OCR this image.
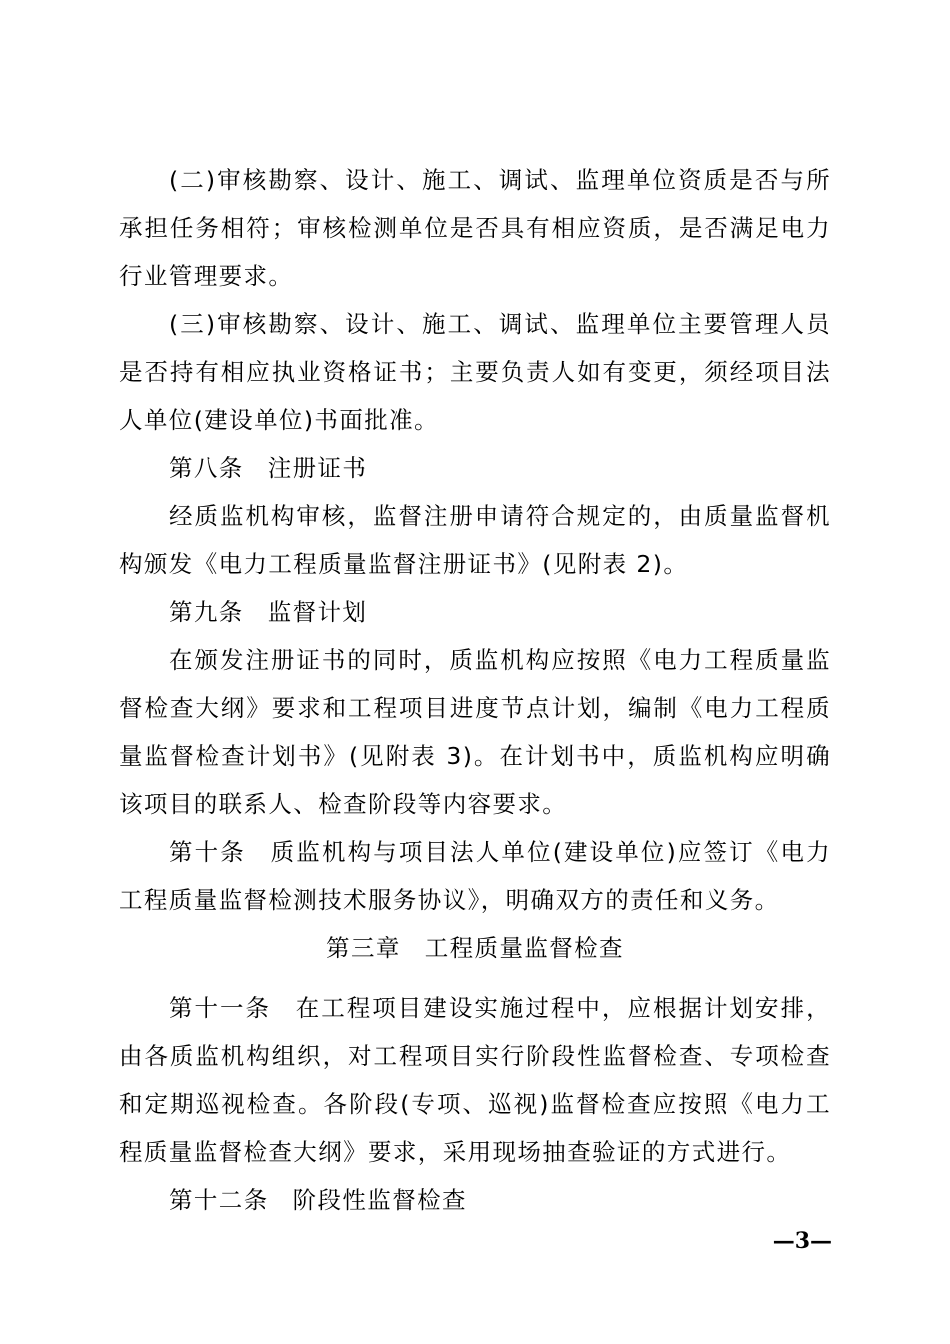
(二)审核勘察、设计、施工、调试、监理单位资质是否与所承担任务相符；审核检测单位是否具有相应资质，是否满足电力行业管理要求。

(三)审核勘察、设计、施工、调试、监理单位主要管理人员是否持有相应执业资格证书；主要负责人如有变更，须经项目法人单位(建设单位)书面批准。

第八条 注册证书

经质监机构审核，监督注册申请符合规定的，由质量监督机构颁发《电力工程质量监督注册证书》(见附表 2)。

第九条 监督计划

在颁发注册证书的同时，质监机构应按照《电力工程质量监督检查大纲》要求和工程项目进度节点计划，编制《电力工程质量监督检查计划书》(见附表 3)。在计划书中，质监机构应明确该项目的联系人、检查阶段等内容要求。

第十条 质监机构与项目法人单位(建设单位)应签订《电力工程质量监督检测技术服务协议》，明确双方的责任和义务。

第三章 工程质量监督检查

第十一条 在工程项目建设实施过程中，应根据计划安排，由各质监机构组织，对工程项目实行阶段性监督检查、专项检查和定期巡视检查。各阶段(专项、巡视)监督检查应按照《电力工程质量监督检查大纲》要求，采用现场抽查验证的方式进行。

第十二条 阶段性监督检查

—3—
